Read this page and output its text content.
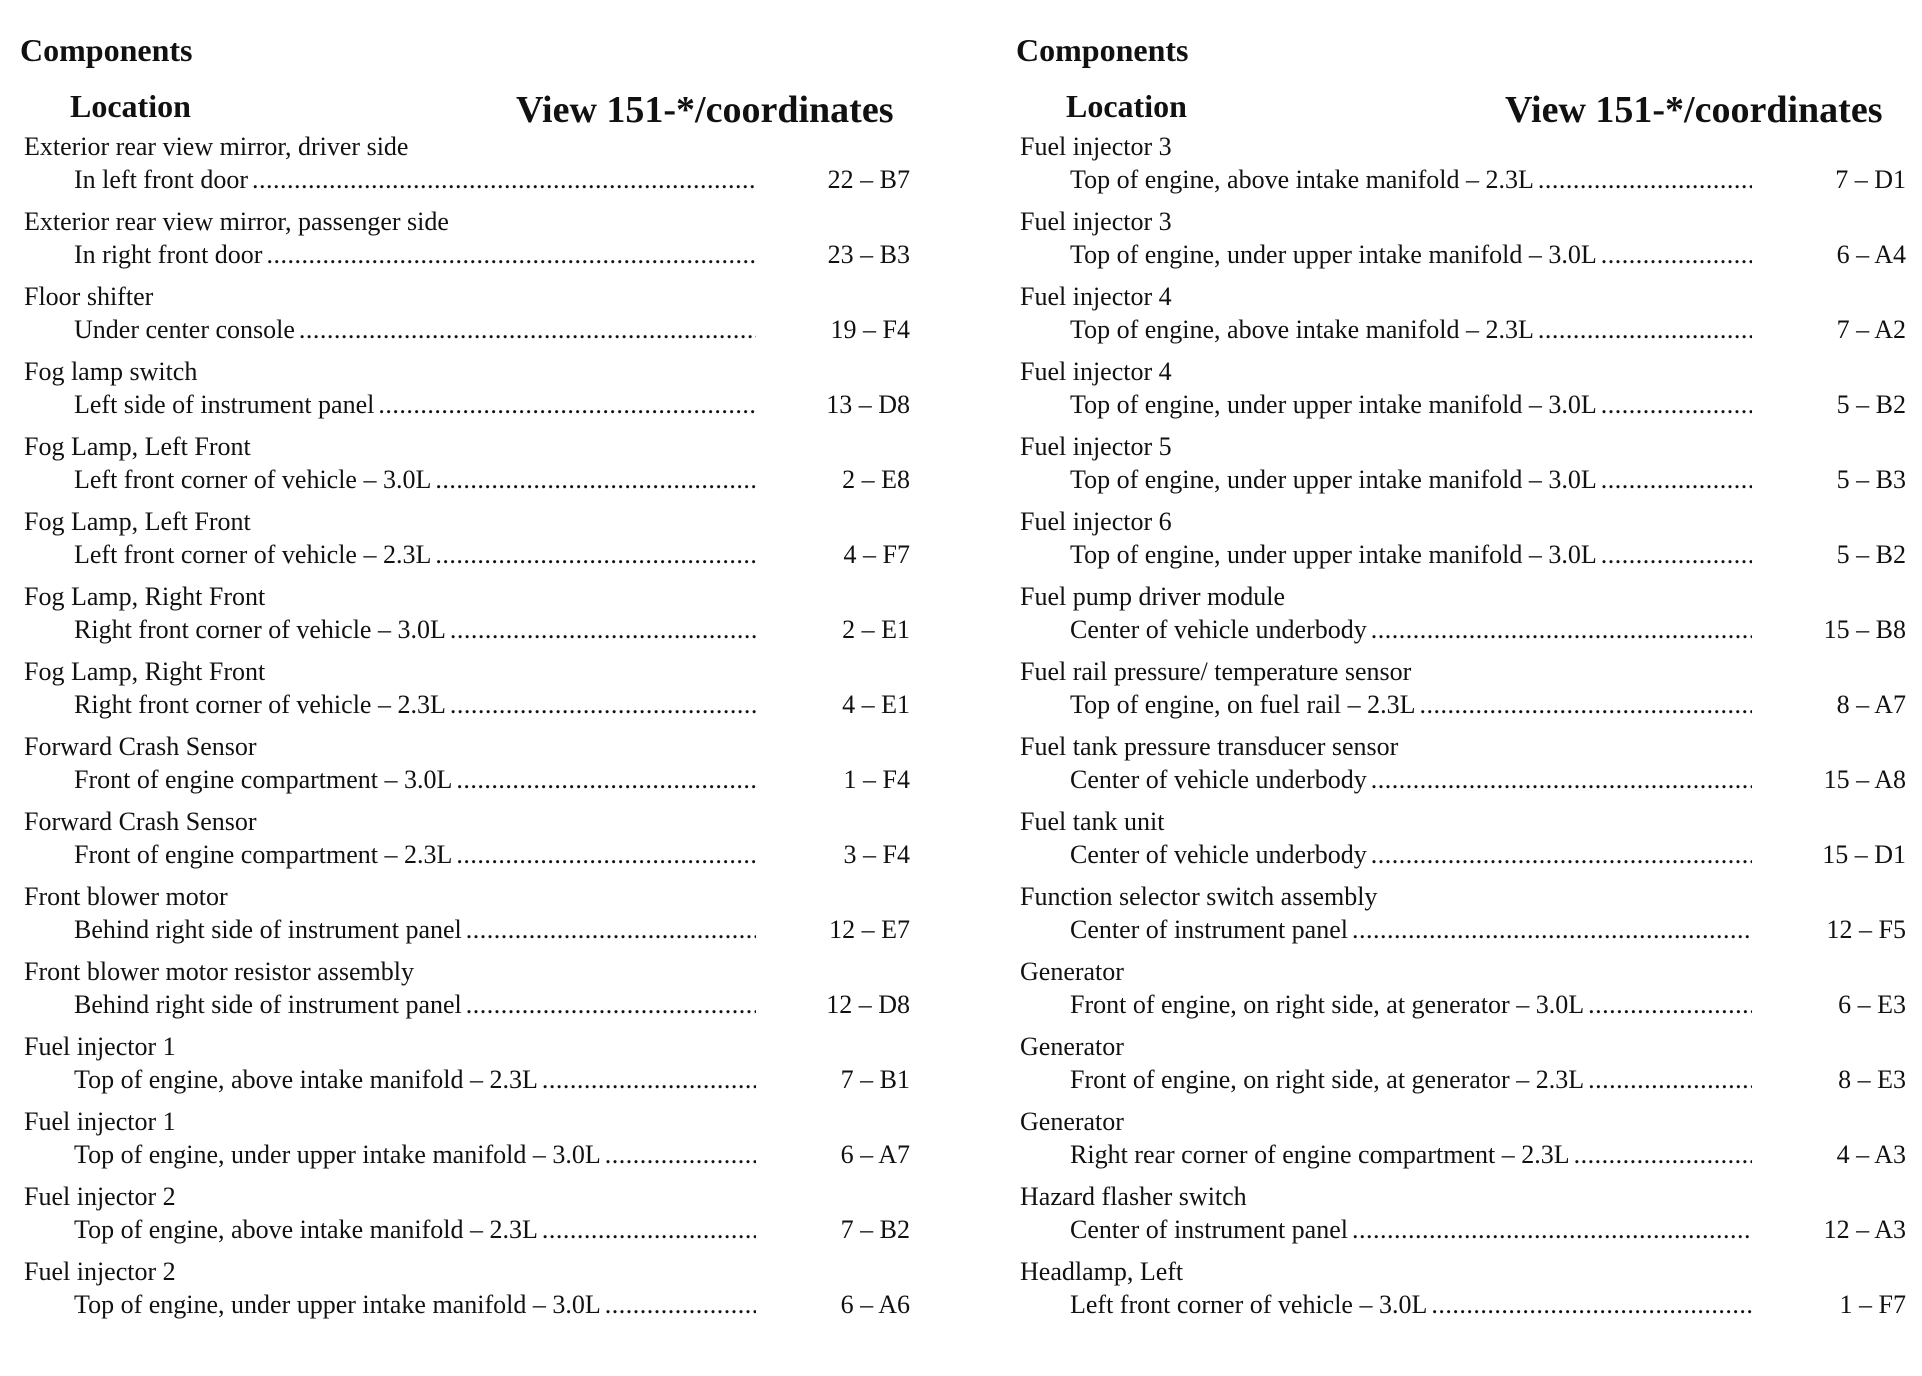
Components
Location	View 151-*/coordinates
Exterior rear view mirror, driver side
In left front door .....	22 – B7
Exterior rear view mirror, passenger side
In right front door .....	23 – B3
Floor shifter
Under center console .....	19 – F4
Fog lamp switch
Left side of instrument panel .....	13 – D8
Fog Lamp, Left Front
Left front corner of vehicle – 3.0L .....	2 – E8
Fog Lamp, Left Front
Left front corner of vehicle – 2.3L .....	4 – F7
Fog Lamp, Right Front
Right front corner of vehicle – 3.0L .....	2 – E1
Fog Lamp, Right Front
Right front corner of vehicle – 2.3L .....	4 – E1
Forward Crash Sensor
Front of engine compartment – 3.0L .....	1 – F4
Forward Crash Sensor
Front of engine compartment – 2.3L .....	3 – F4
Front blower motor
Behind right side of instrument panel .....	12 – E7
Front blower motor resistor assembly
Behind right side of instrument panel .....	12 – D8
Fuel injector 1
Top of engine, above intake manifold – 2.3L .....	7 – B1
Fuel injector 1
Top of engine, under upper intake manifold – 3.0L .....	6 – A7
Fuel injector 2
Top of engine, above intake manifold – 2.3L .....	7 – B2
Fuel injector 2
Top of engine, under upper intake manifold – 3.0L .....	6 – A6
Components
Location	View 151-*/coordinates
Fuel injector 3
Top of engine, above intake manifold – 2.3L .....	7 – D1
Fuel injector 3
Top of engine, under upper intake manifold – 3.0L .....	6 – A4
Fuel injector 4
Top of engine, above intake manifold – 2.3L .....	7 – A2
Fuel injector 4
Top of engine, under upper intake manifold – 3.0L .....	5 – B2
Fuel injector 5
Top of engine, under upper intake manifold – 3.0L .....	5 – B3
Fuel injector 6
Top of engine, under upper intake manifold – 3.0L .....	5 – B2
Fuel pump driver module
Center of vehicle underbody .....	15 – B8
Fuel rail pressure/ temperature sensor
Top of engine, on fuel rail – 2.3L .....	8 – A7
Fuel tank pressure transducer sensor
Center of vehicle underbody .....	15 – A8
Fuel tank unit
Center of vehicle underbody .....	15 – D1
Function selector switch assembly
Center of instrument panel .....	12 – F5
Generator
Front of engine, on right side, at generator – 3.0L .....	6 – E3
Generator
Front of engine, on right side, at generator – 2.3L .....	8 – E3
Generator
Right rear corner of engine compartment – 2.3L .....	4 – A3
Hazard flasher switch
Center of instrument panel .....	12 – A3
Headlamp, Left
Left front corner of vehicle – 3.0L .....	1 – F7
